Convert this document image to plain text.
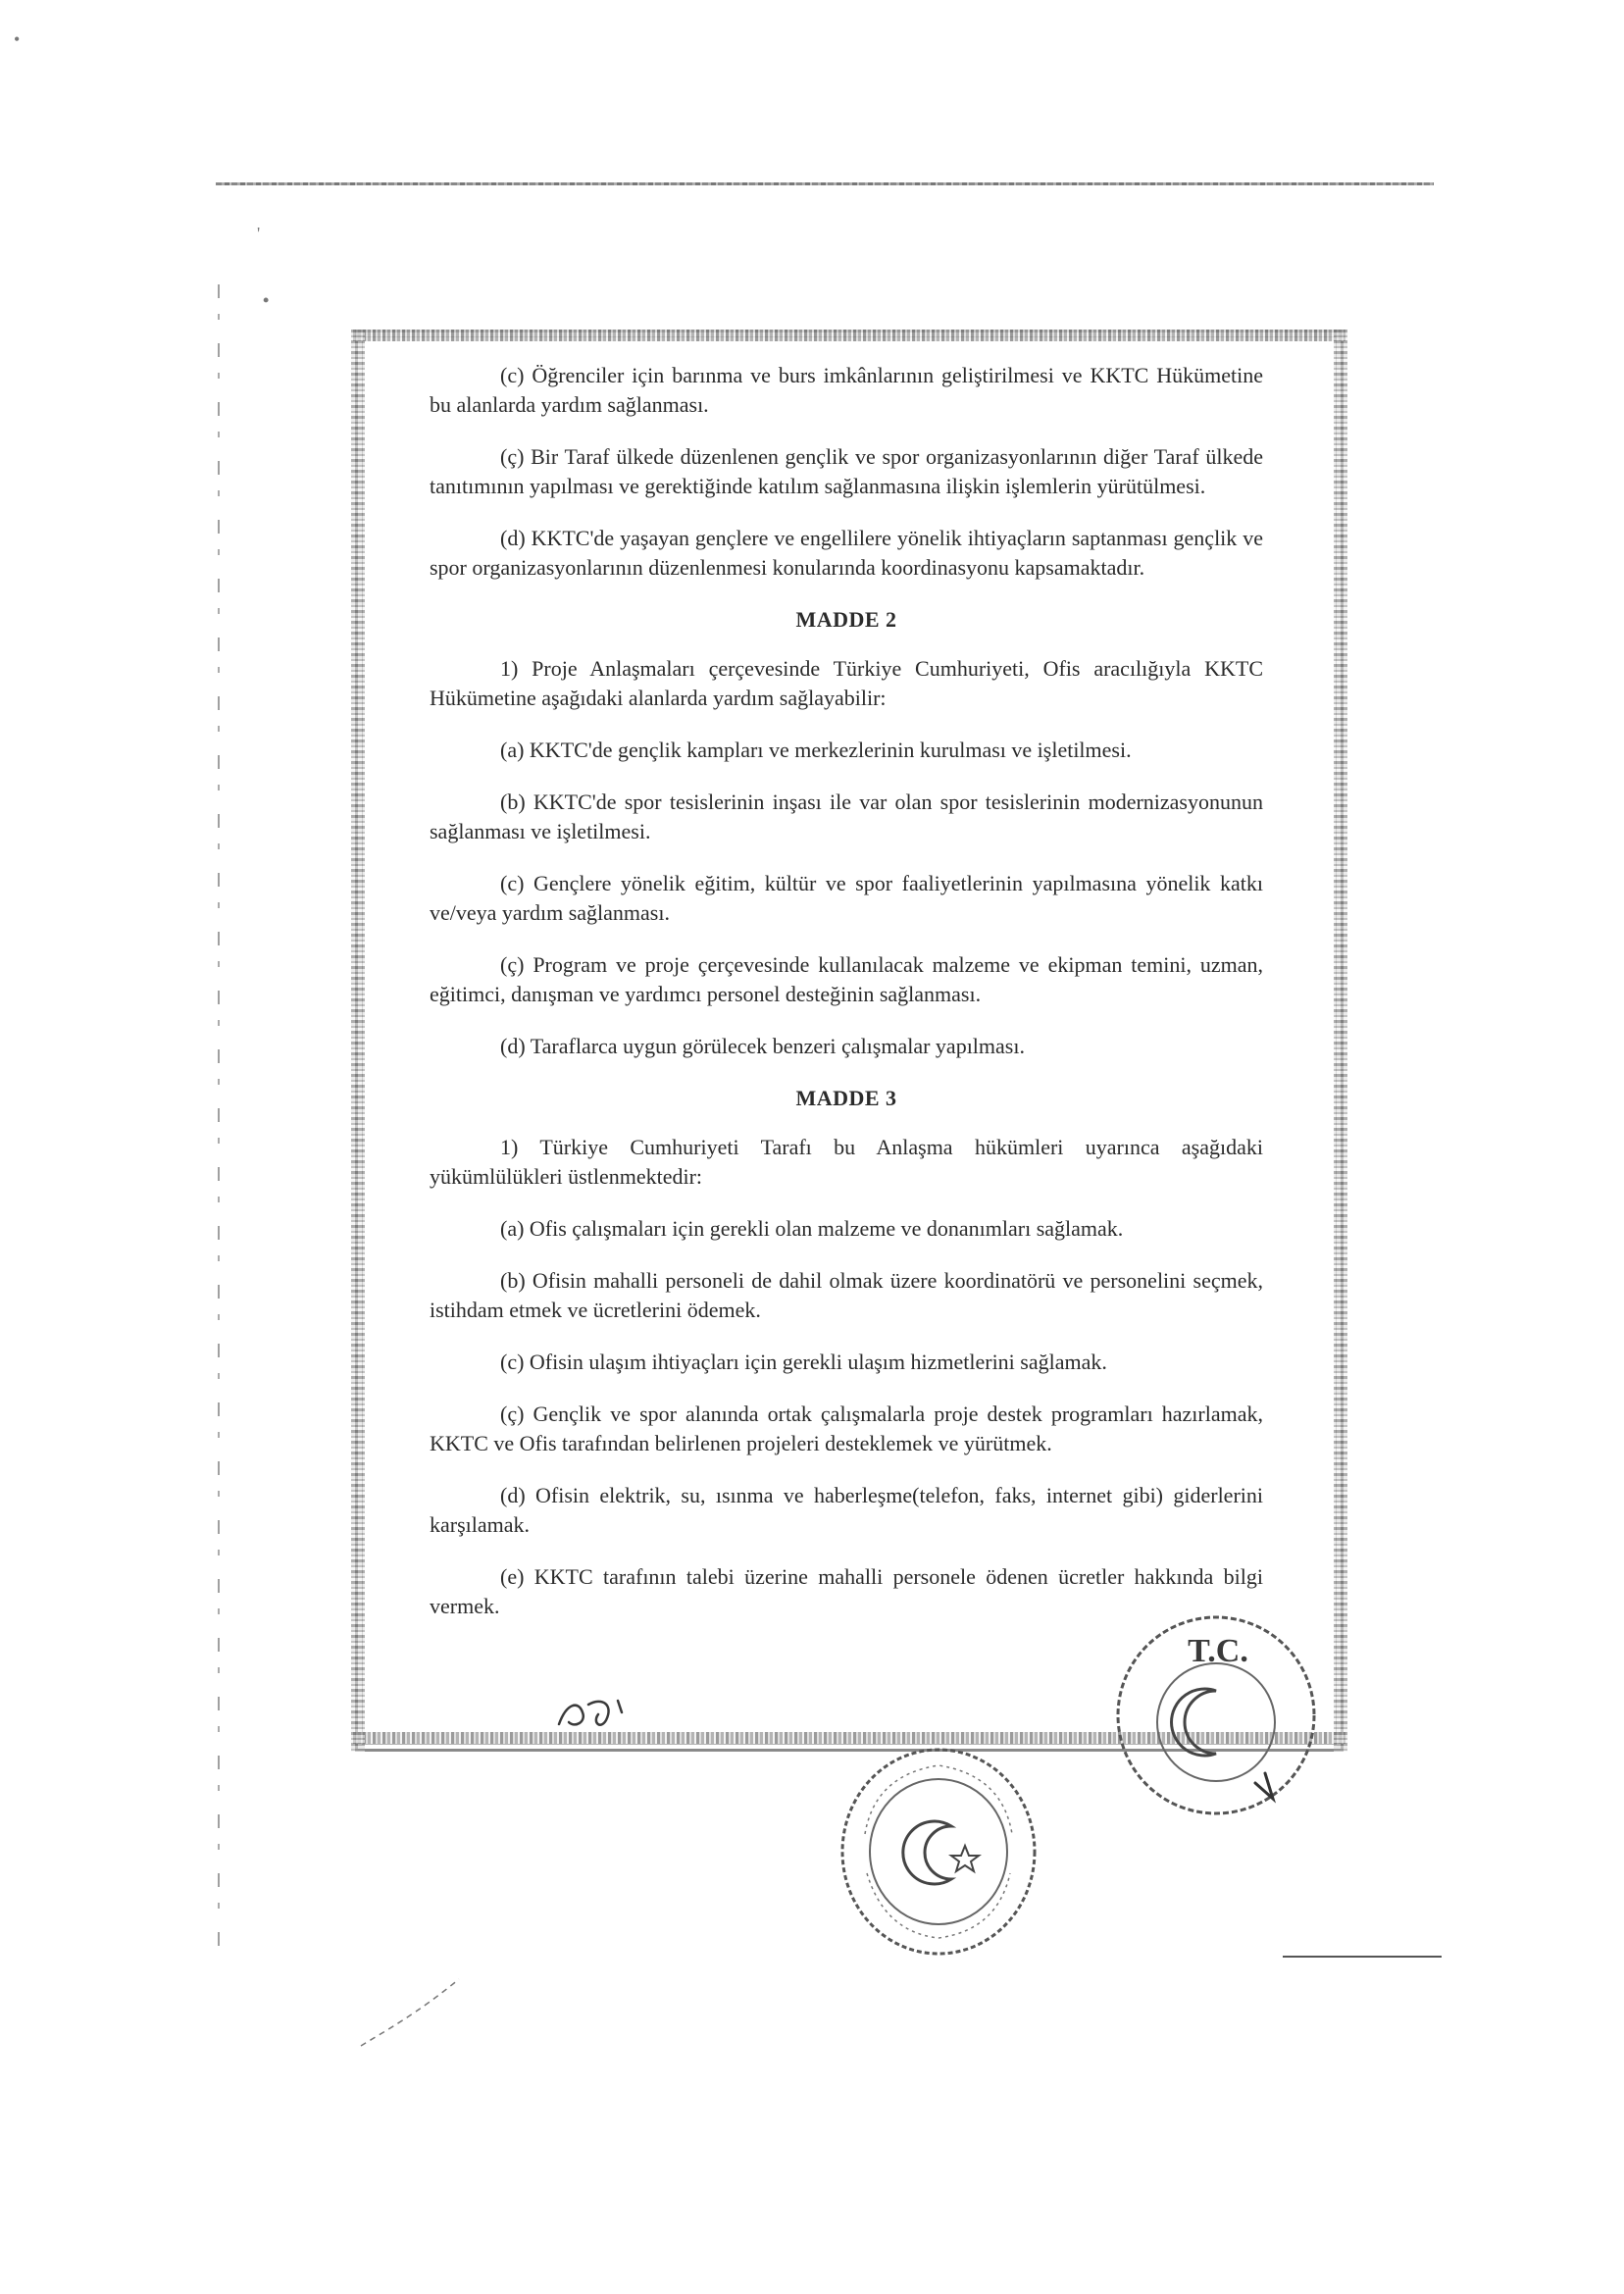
•
'
•

(c) Öğrenciler için barınma ve burs imkânlarının geliştirilmesi ve KKTC Hükümetine bu alanlarda yardım sağlanması.

(ç) Bir Taraf ülkede düzenlenen gençlik ve spor organizasyonlarının diğer Taraf ülkede tanıtımının yapılması ve gerektiğinde katılım sağlanmasına ilişkin işlemlerin yürütülmesi.

(d) KKTC'de yaşayan gençlere ve engellilere yönelik ihtiyaçların saptanması gençlik ve spor organizasyonlarının düzenlenmesi konularında koordinasyonu kapsamaktadır.

MADDE 2

1) Proje Anlaşmaları çerçevesinde Türkiye Cumhuriyeti, Ofis aracılığıyla KKTC Hükümetine aşağıdaki alanlarda yardım sağlayabilir:

(a) KKTC'de gençlik kampları ve merkezlerinin kurulması ve işletilmesi.

(b) KKTC'de spor tesislerinin inşası ile var olan spor tesislerinin modernizasyonunun sağlanması ve işletilmesi.

(c) Gençlere yönelik eğitim, kültür ve spor faaliyetlerinin yapılmasına yönelik katkı ve/veya yardım sağlanması.

(ç) Program ve proje çerçevesinde kullanılacak malzeme ve ekipman temini, uzman, eğitimci, danışman ve yardımcı personel desteğinin sağlanması.

(d) Taraflarca uygun görülecek benzeri çalışmalar yapılması.

MADDE 3

1) Türkiye Cumhuriyeti Tarafı bu Anlaşma hükümleri uyarınca aşağıdaki yükümlülükleri üstlenmektedir:

(a) Ofis çalışmaları için gerekli olan malzeme ve donanımları sağlamak.

(b) Ofisin mahalli personeli de dahil olmak üzere koordinatörü ve personelini seçmek, istihdam etmek ve ücretlerini ödemek.

(c) Ofisin ulaşım ihtiyaçları için gerekli ulaşım hizmetlerini sağlamak.

(ç) Gençlik ve spor alanında ortak çalışmalarla proje destek programları hazırlamak, KKTC ve Ofis tarafından belirlenen projeleri desteklemek ve yürütmek.

(d) Ofisin elektrik, su, ısınma ve haberleşme(telefon, faks, internet gibi) giderlerini karşılamak.

(e) KKTC tarafının talebi üzerine mahalli personele ödenen ücretler hakkında bilgi vermek.

T.C.
